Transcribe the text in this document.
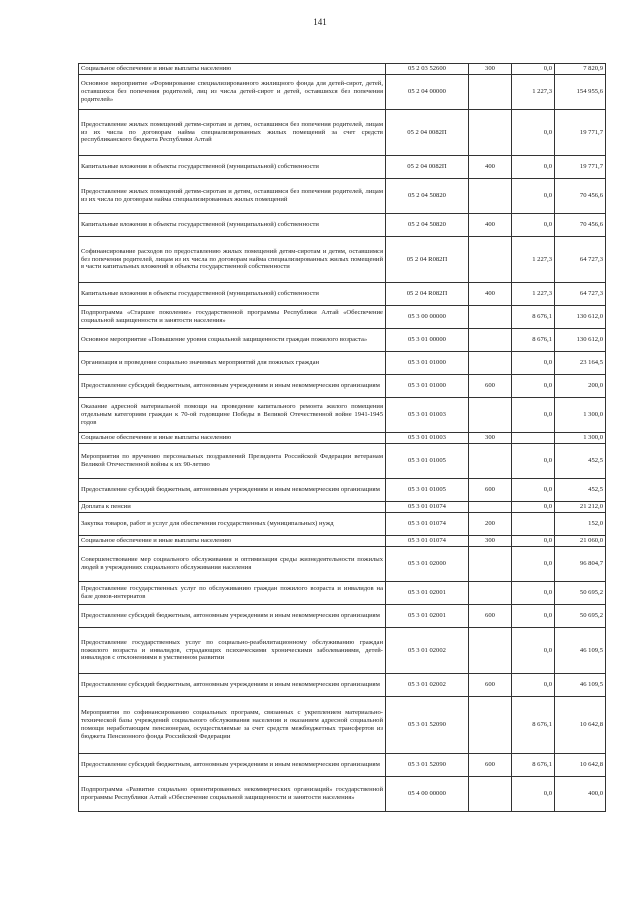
141
Социальное обеспечение и иные выплаты населению	05 2 03 52600	300	0,0	7 820,9
Основное мероприятие «Формирование специализированного жилищного фонда для детей-сирот, детей, оставшихся без попечения родителей, лиц из числа детей-сирот и детей, оставшихся без попечения родителей»	05 2 04 00000		1 227,3	154 955,6
Предоставление жилых помещений детям-сиротам и детям, оставшимся без попечения родителей, лицам из их числа по договорам найма специализированных жилых помещений за счет средств республиканского бюджета Республики Алтай	05 2 04 0082П		0,0	19 771,7
Капитальные вложения в объекты государственной (муниципальной) собственности	05 2 04 0082П	400	0,0	19 771,7
Предоставление жилых помещений детям-сиротам и детям, оставшимся без попечения родителей, лицам из их числа по договорам найма специализированных жилых помещений	05 2 04 50820		0,0	70 456,6
Капитальные вложения в объекты государственной (муниципальной) собственности	05 2 04 50820	400	0,0	70 456,6
Софинансирование расходов по предоставлению жилых помещений детям-сиротам и детям, оставшимся без попечения родителей, лицам из их числа по договорам найма специализированных жилых помещений в части капитальных вложений в объекты государственной собственности	05 2 04 R082П		1 227,3	64 727,3
Капитальные вложения в объекты государственной (муниципальной) собственности	05 2 04 R082П	400	1 227,3	64 727,3
Подпрограмма «Старшее поколение» государственной программы Республики Алтай «Обеспечение социальной защищенности и занятости населения»	05 3 00 00000		8 676,1	130 612,0
Основное мероприятие «Повышение уровня социальной защищенности граждан пожилого возраста»	05 3 01 00000		8 676,1	130 612,0
Организация и проведение социально значимых мероприятий для пожилых граждан	05 3 01 01000		0,0	23 164,5
Предоставление субсидий бюджетным, автономным учреждениям и иным некоммерческим организациям	05 3 01 01000	600	0,0	200,0
Оказание адресной материальной помощи на проведение капитального ремонта жилого помещения отдельным категориям граждан к 70-ой годовщине Победы в Великой Отечественной войне 1941-1945 годов	05 3 01 01003		0,0	1 300,0
Социальное обеспечение и иные выплаты населению	05 3 01 01003	300		1 300,0
Мероприятия по вручению персональных поздравлений Президента Российской Федерации ветеранам Великой Отечественной войны к их 90-летию	05 3 01 01005		0,0	452,5
Предоставление субсидий бюджетным, автономным учреждениям и иным некоммерческим организациям	05 3 01 01005	600	0,0	452,5
Доплата к пенсии	05 3 01 01074		0,0	21 212,0
Закупка товаров, работ и услуг для обеспечения государственных (муниципальных) нужд	05 3 01 01074	200		152,0
Социальное обеспечение и иные выплаты населению	05 3 01 01074	300	0,0	21 060,0
Совершенствование мер социального обслуживания и оптимизация среды жизнедеятельности пожилых людей в учреждениях социального обслуживания населения	05 3 01 02000		0,0	96 804,7
Предоставление государственных услуг по обслуживанию граждан пожилого возраста и инвалидов на базе домов-интернатов	05 3 01 02001		0,0	50 695,2
Предоставление субсидий бюджетным, автономным учреждениям и иным некоммерческим организациям	05 3 01 02001	600	0,0	50 695,2
Предоставление государственных услуг по социально-реабилитационному обслуживанию граждан пожилого возраста и инвалидов, страдающих психическими хроническими заболеваниями, детей-инвалидов с отклонениями в умственном развитии	05 3 01 02002		0,0	46 109,5
Предоставление субсидий бюджетным, автономным учреждениям и иным некоммерческим организациям	05 3 01 02002	600	0,0	46 109,5
Мероприятия по софинансированию социальных программ, связанных с укреплением материально-технической базы учреждений социального обслуживания населения и оказанием адресной социальной помощи неработающим пенсионерам, осуществляемые за счет средств межбюджетных трансфертов из бюджета Пенсионного фонда Российской Федерации	05 3 01 52090		8 676,1	10 642,8
Предоставление субсидий бюджетным, автономным учреждениям и иным некоммерческим организациям	05 3 01 52090	600	8 676,1	10 642,8
Подпрограмма «Развитие социально ориентированных некоммерческих организаций» государственной программы Республики Алтай «Обеспечение социальной защищенности и занятости населения»	05 4 00 00000		0,0	400,0
